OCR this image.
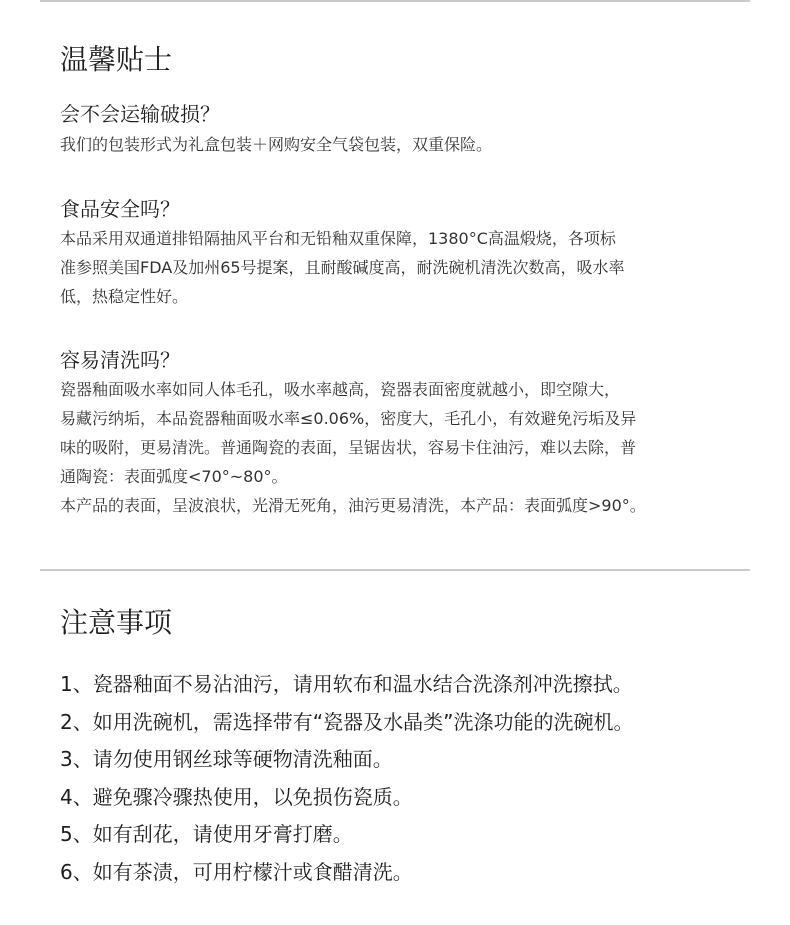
温馨贴士
会不会运输破损？

我们的包装形式为礼盒包装＋网购安全气袋包装，双重保险。

食品安全吗？

本品采用双通道排铅隔抽风平台和无铅釉双重保障，1380°C高温煅烧，各项标
准参照美国FDA及加州65号提案，且耐酸碱度高，耐洗碗机清洗次数高，吸水率
低，热稳定性好。

容易清洗吗？

瓷器釉面吸水率如同人体毛孔，吸水率越高，瓷器表面密度就越小，即空隙大，
易藏污纳垢，本品瓷器釉面吸水率≤0.06%，密度大，毛孔小，有效避免污垢及异
味的吸附，更易清洗。普通陶瓷的表面，呈锯齿状，容易卡住油污，难以去除，普
通陶瓷：表面弧度<70°~80°。
本产品的表面，呈波浪状，光滑无死角，油污更易清洗，本产品：表面弧度>90°。

注意事项
1、瓷器釉面不易沾油污，请用软布和温水结合洗涤剂冲洗擦拭。
2、如用洗碗机，需选择带有“瓷器及水晶类”洗涤功能的洗碗机。
3、请勿使用钢丝球等硬物清洗釉面。
4、避免骤冷骤热使用，以免损伤瓷质。
5、如有刮花，请使用牙膏打磨。
6、如有茶渍，可用柠檬汁或食醋清洗。
